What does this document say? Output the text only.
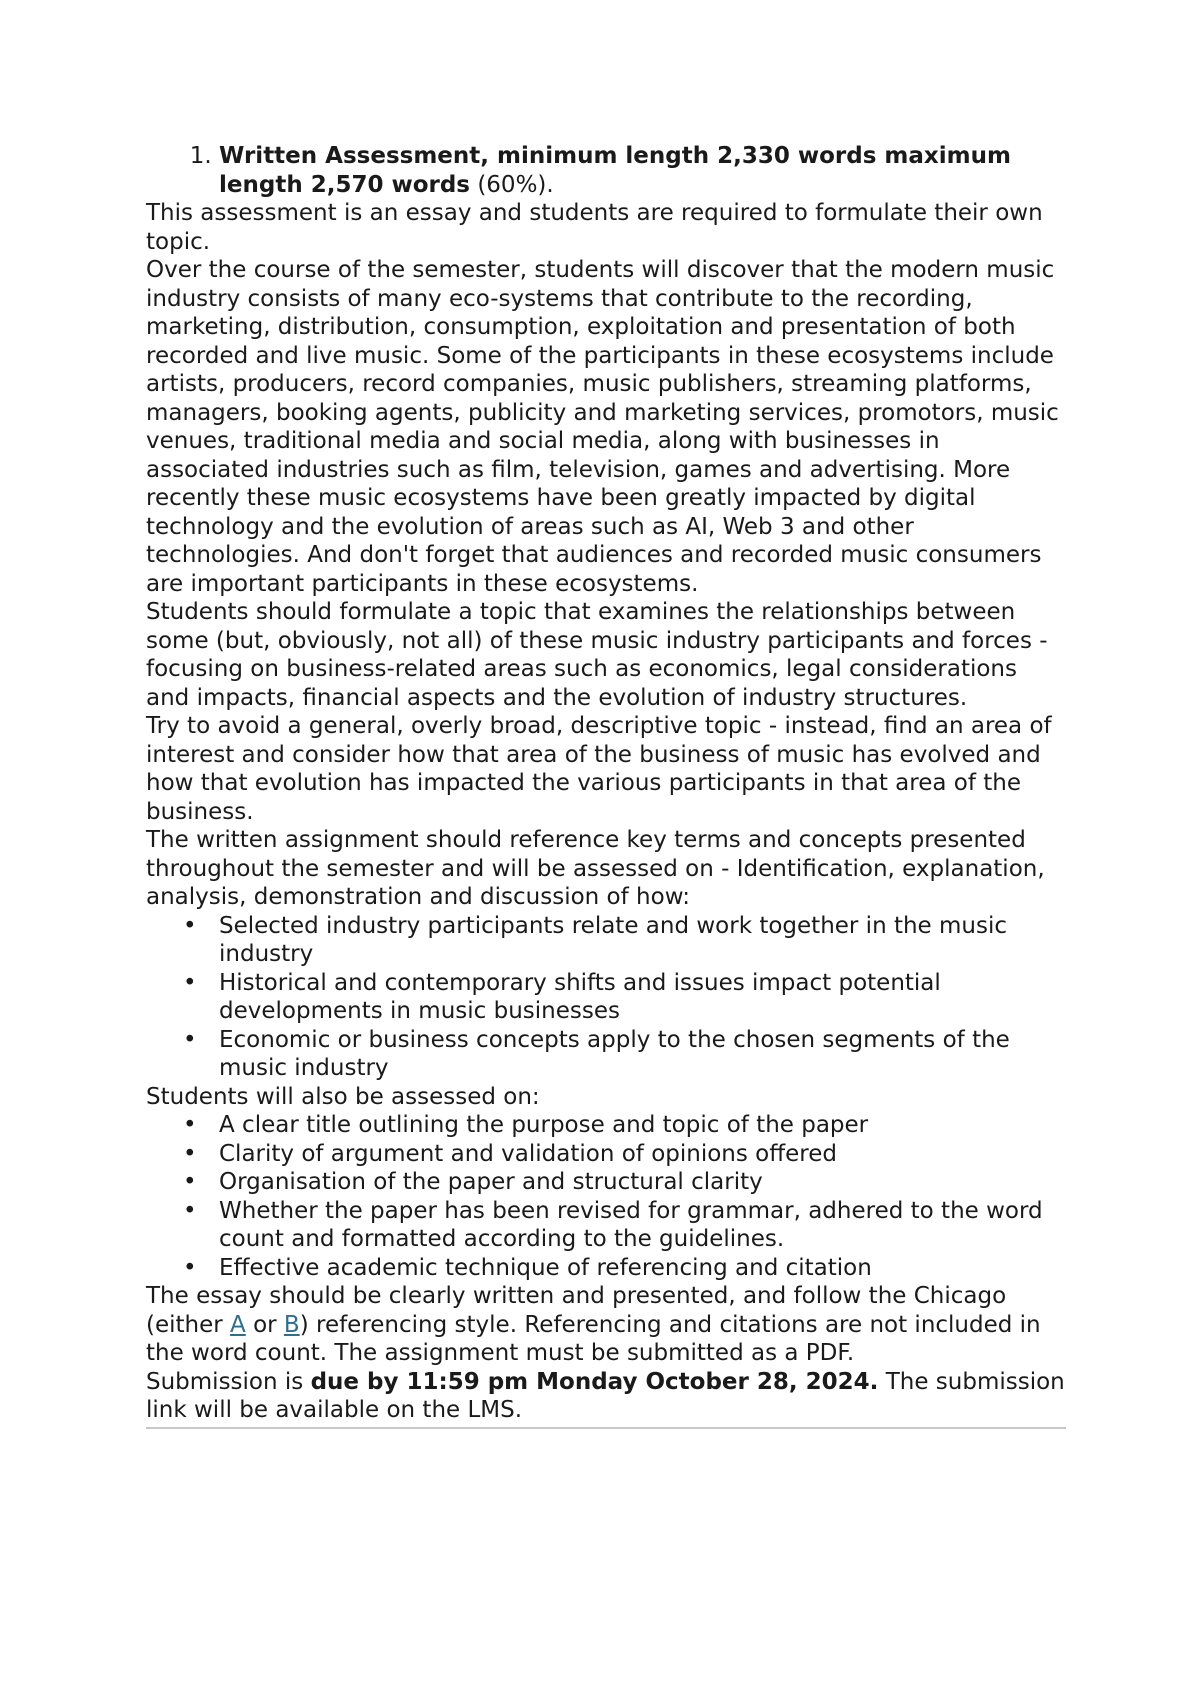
1. Written Assessment, minimum length 2,330 words maximum length 2,570 words (60%).

This assessment is an essay and students are required to formulate their own topic.

Over the course of the semester, students will discover that the modern music industry consists of many eco-systems that contribute to the recording, marketing, distribution, consumption, exploitation and presentation of both recorded and live music. Some of the participants in these ecosystems include artists, producers, record companies, music publishers, streaming platforms, managers, booking agents, publicity and marketing services, promotors, music venues, traditional media and social media, along with businesses in associated industries such as film, television, games and advertising. More recently these music ecosystems have been greatly impacted by digital technology and the evolution of areas such as AI, Web 3 and other technologies. And don't forget that audiences and recorded music consumers are important participants in these ecosystems.

Students should formulate a topic that examines the relationships between some (but, obviously, not all) of these music industry participants and forces - focusing on business-related areas such as economics, legal considerations and impacts, financial aspects and the evolution of industry structures.

Try to avoid a general, overly broad, descriptive topic - instead, find an area of interest and consider how that area of the business of music has evolved and how that evolution has impacted the various participants in that area of the business.

The written assignment should reference key terms and concepts presented throughout the semester and will be assessed on - Identification, explanation, analysis, demonstration and discussion of how:

• Selected industry participants relate and work together in the music industry
• Historical and contemporary shifts and issues impact potential developments in music businesses
• Economic or business concepts apply to the chosen segments of the music industry

Students will also be assessed on:

• A clear title outlining the purpose and topic of the paper
• Clarity of argument and validation of opinions offered
• Organisation of the paper and structural clarity
• Whether the paper has been revised for grammar, adhered to the word count and formatted according to the guidelines.
• Effective academic technique of referencing and citation

The essay should be clearly written and presented, and follow the Chicago (either A or B) referencing style. Referencing and citations are not included in the word count. The assignment must be submitted as a PDF.

Submission is due by 11:59 pm Monday October 28, 2024. The submission link will be available on the LMS.
